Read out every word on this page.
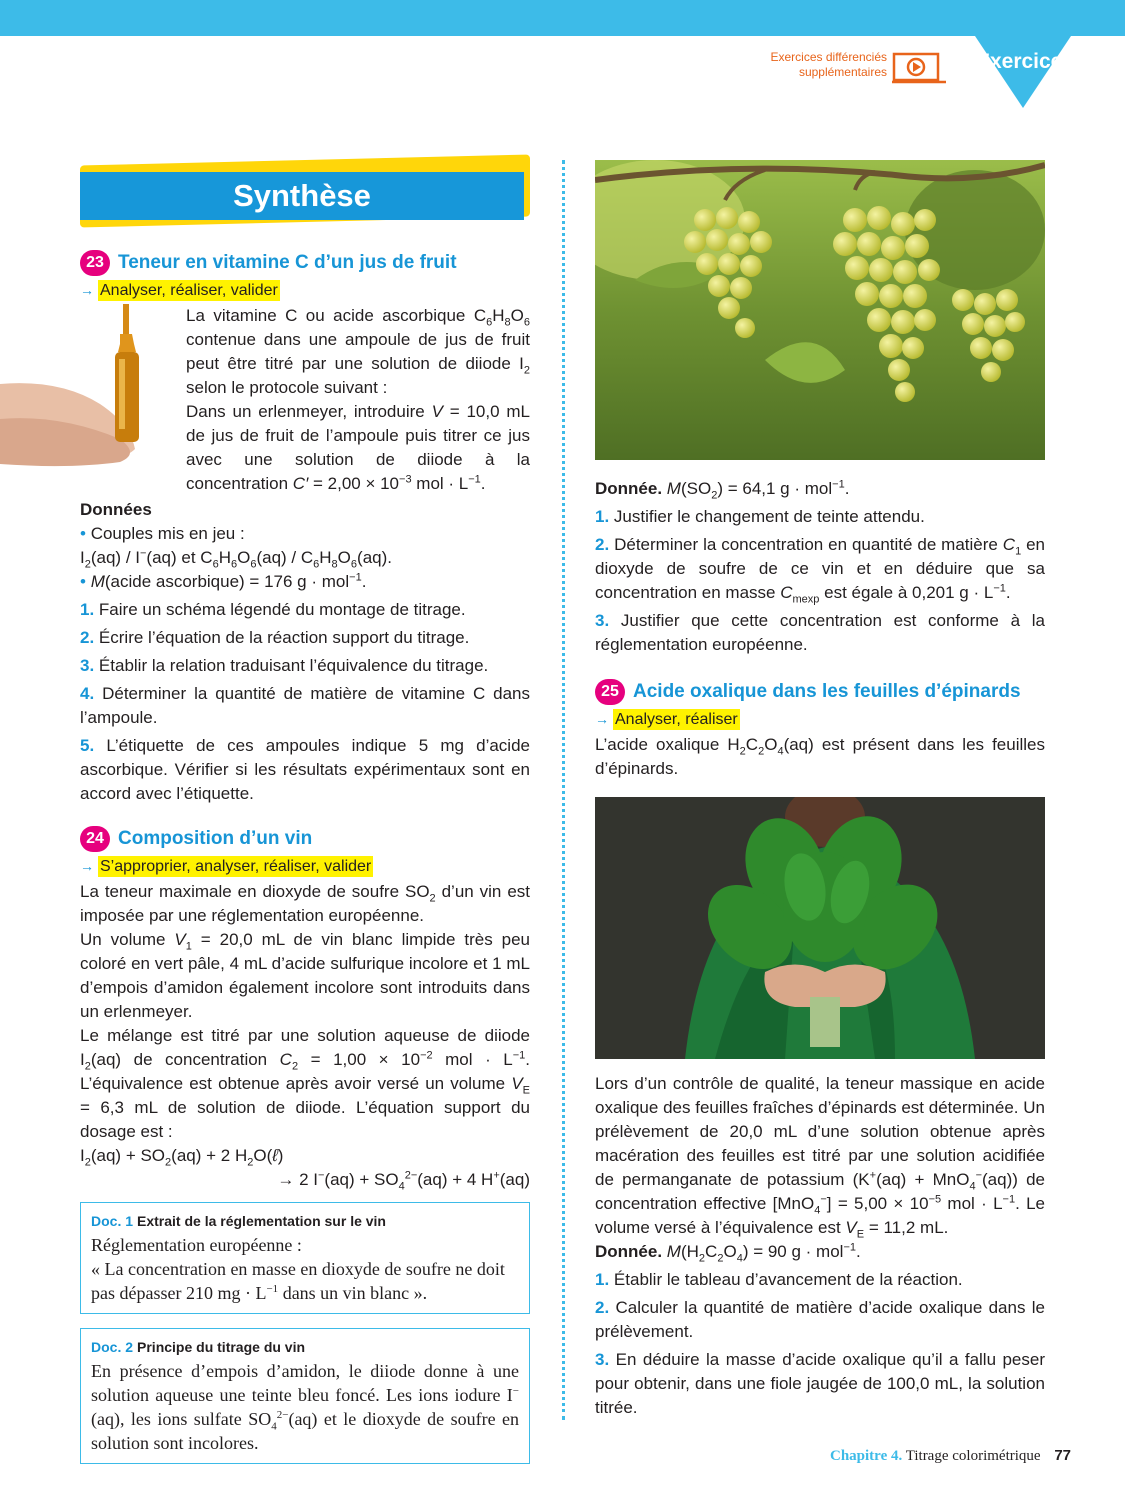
Exercices différenciés
supplémentaires	Exercices
Synthèse
23 Teneur en vitamine C d’un jus de fruit
→ Analyser, réaliser, valider

La vitamine C ou acide ascorbique $C_6H_8O_6$ contenue dans une ampoule de jus de fruit peut être titré par une solution de diiode $I_2$ selon le protocole suivant :

Dans un erlenmeyer, introduire V = 10,0 mL de jus de fruit de l’ampoule puis titrer ce jus avec une solution de diiode à la concentration $C' = 2,00 \times 10^{-3}$ mol · $L^{-1}$.

Données

• Couples mis en jeu :

$I_2(aq) / I^-(aq)$ et $C_6H_6O_6(aq) / C_6H_8O_6(aq)$.

• M(acide ascorbique) = 176 g · mol$^{-1}$.

1. Faire un schéma légendé du montage de titrage.

2. Écrire l’équation de la réaction support du titrage.

3. Établir la relation traduisant l’équivalence du titrage.

4. Déterminer la quantité de matière de vitamine C dans l’ampoule.

5. L’étiquette de ces ampoules indique 5 mg d’acide ascorbique. Vérifier si les résultats expérimentaux sont en accord avec l’étiquette.

24 Composition d’un vin
→ S’approprier, analyser, réaliser, valider

La teneur maximale en dioxyde de soufre $SO_2$ d’un vin est imposée par une réglementation européenne.

Un volume $V_1 = 20,0$ mL de vin blanc limpide très peu coloré en vert pâle, 4 mL d’acide sulfurique incolore et 1 mL d’empois d’amidon également incolore sont introduits dans un erlenmeyer.

Le mélange est titré par une solution aqueuse de diiode $I_2(aq)$ de concentration $C_2 = 1,00 \times 10^{-2}$ mol · $L^{-1}$. L’équivalence est obtenue après avoir versé un volume $V_E = 6,3$ mL de solution de diiode. L’équation support du dosage est :

$I_2(aq) + SO_2(aq) + 2$ $H_2O(\ell)$

→ 2 $I^-(aq) + SO_4^{2-}(aq) + 4$ H+(aq)

Doc. 1 Extrait de la réglementation sur le vin
Réglementation européenne :
« La concentration en masse en dioxyde de soufre ne doit pas dépasser 210 mg · $L^{-1}$ dans un vin blanc ».
Doc. 2 Principe du titrage du vin
En présence d’empois d’amidon, le diiode donne à une solution aqueuse une teinte bleu foncé. Les ions iodure I−(aq), les ions sulfate $SO_4^{2-}(aq)$ et le dioxyde de soufre en solution sont incolores.

Donnée. $M(SO_2) = 64,1$ g · mol$^{-1}$.

1. Justifier le changement de teinte attendu.

2. Déterminer la concentration en quantité de matière $C_1$ en dioxyde de soufre de ce vin et en déduire que sa concentration en masse $C_{mexp}$ est égale à 0,201 $g \cdot L^{-1}$.

3. Justifier que cette concentration est conforme à la réglementation européenne.

25 Acide oxalique dans les feuilles d’épinards
→ Analyser, réaliser

L’acide oxalique $H_2C_2O_4(aq)$ est présent dans les feuilles d’épinards.

Lors d’un contrôle de qualité, la teneur massique en acide oxalique des feuilles fraîches d’épinards est déterminée. Un prélèvement de 20,0 mL d’une solution obtenue après macération des feuilles est titré par une solution acidifiée de permanganate de potassium (K+(aq) + MnO$_4$−(aq)) de concentration effective $[MnO_4^-] = 5,00 \times 10^{-5}$ mol · $L^{-1}$. Le volume versé à l’équivalence est $V_E = 11,2$ mL.

Donnée. $M(H_2C_2O_4) = 90$ g · mol$^{-1}$.

1. Établir le tableau d’avancement de la réaction.

2. Calculer la quantité de matière d’acide oxalique dans le prélèvement.

3. En déduire la masse d’acide oxalique qu’il a fallu peser pour obtenir, dans une fiole jaugée de 100,0 mL, la solution titrée.

Chapitre 4. Titrage colorimétrique 77
